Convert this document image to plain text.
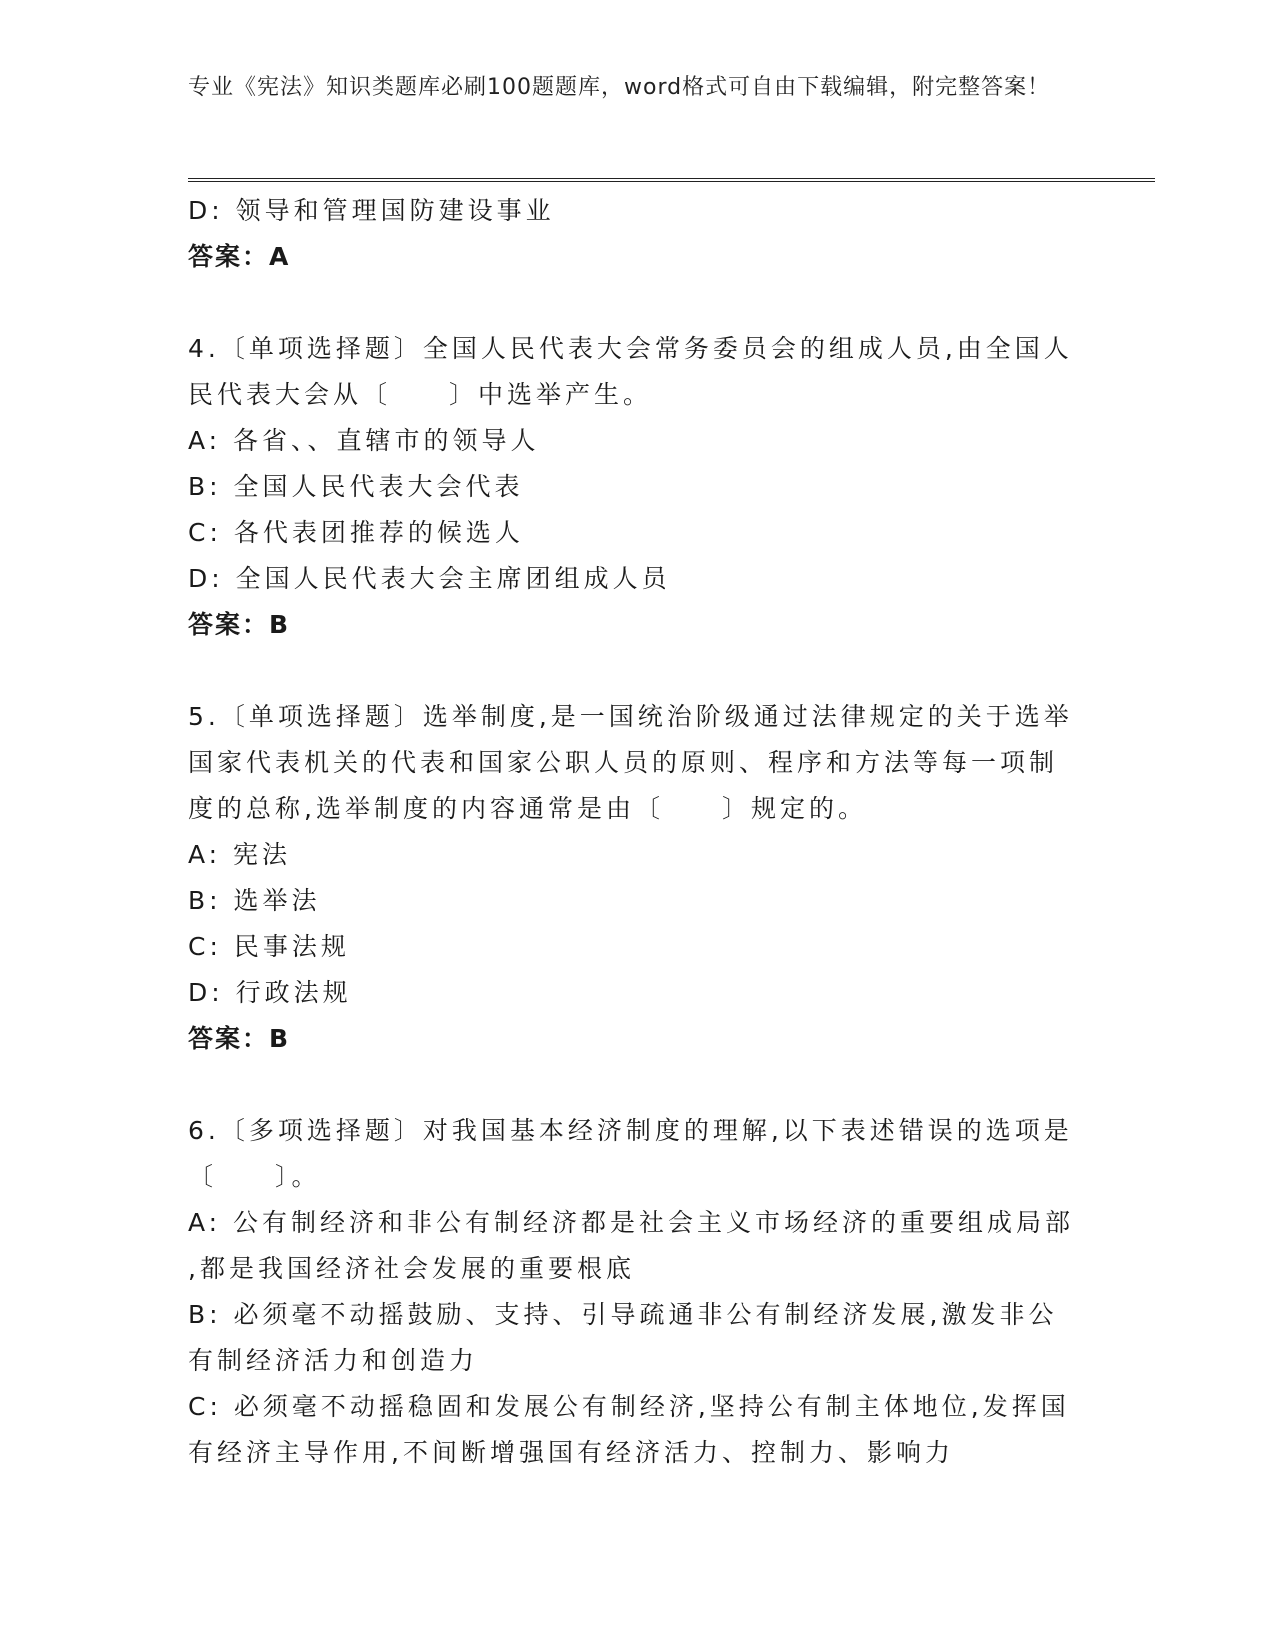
专业《宪法》知识类题库必刷100题题库，word格式可自由下载编辑，附完整答案！
D: 领导和管理国防建设事业
答案：A
4.〔单项选择题〕全国人民代表大会常务委员会的组成人员,由全国人
民代表大会从〔　　〕中选举产生。
A: 各省、、直辖市的领导人
B: 全国人民代表大会代表
C: 各代表团推荐的候选人
D: 全国人民代表大会主席团组成人员
答案：B
5.〔单项选择题〕选举制度,是一国统治阶级通过法律规定的关于选举
国家代表机关的代表和国家公职人员的原则、程序和方法等每一项制
度的总称,选举制度的内容通常是由〔　　〕规定的。
A: 宪法
B: 选举法
C: 民事法规
D: 行政法规
答案：B
6.〔多项选择题〕对我国基本经济制度的理解,以下表述错误的选项是
〔　　〕。
A: 公有制经济和非公有制经济都是社会主义市场经济的重要组成局部
,都是我国经济社会发展的重要根底
B: 必须毫不动摇鼓励、支持、引导疏通非公有制经济发展,激发非公
有制经济活力和创造力
C: 必须毫不动摇稳固和发展公有制经济,坚持公有制主体地位,发挥国
有经济主导作用,不间断增强国有经济活力、控制力、影响力
